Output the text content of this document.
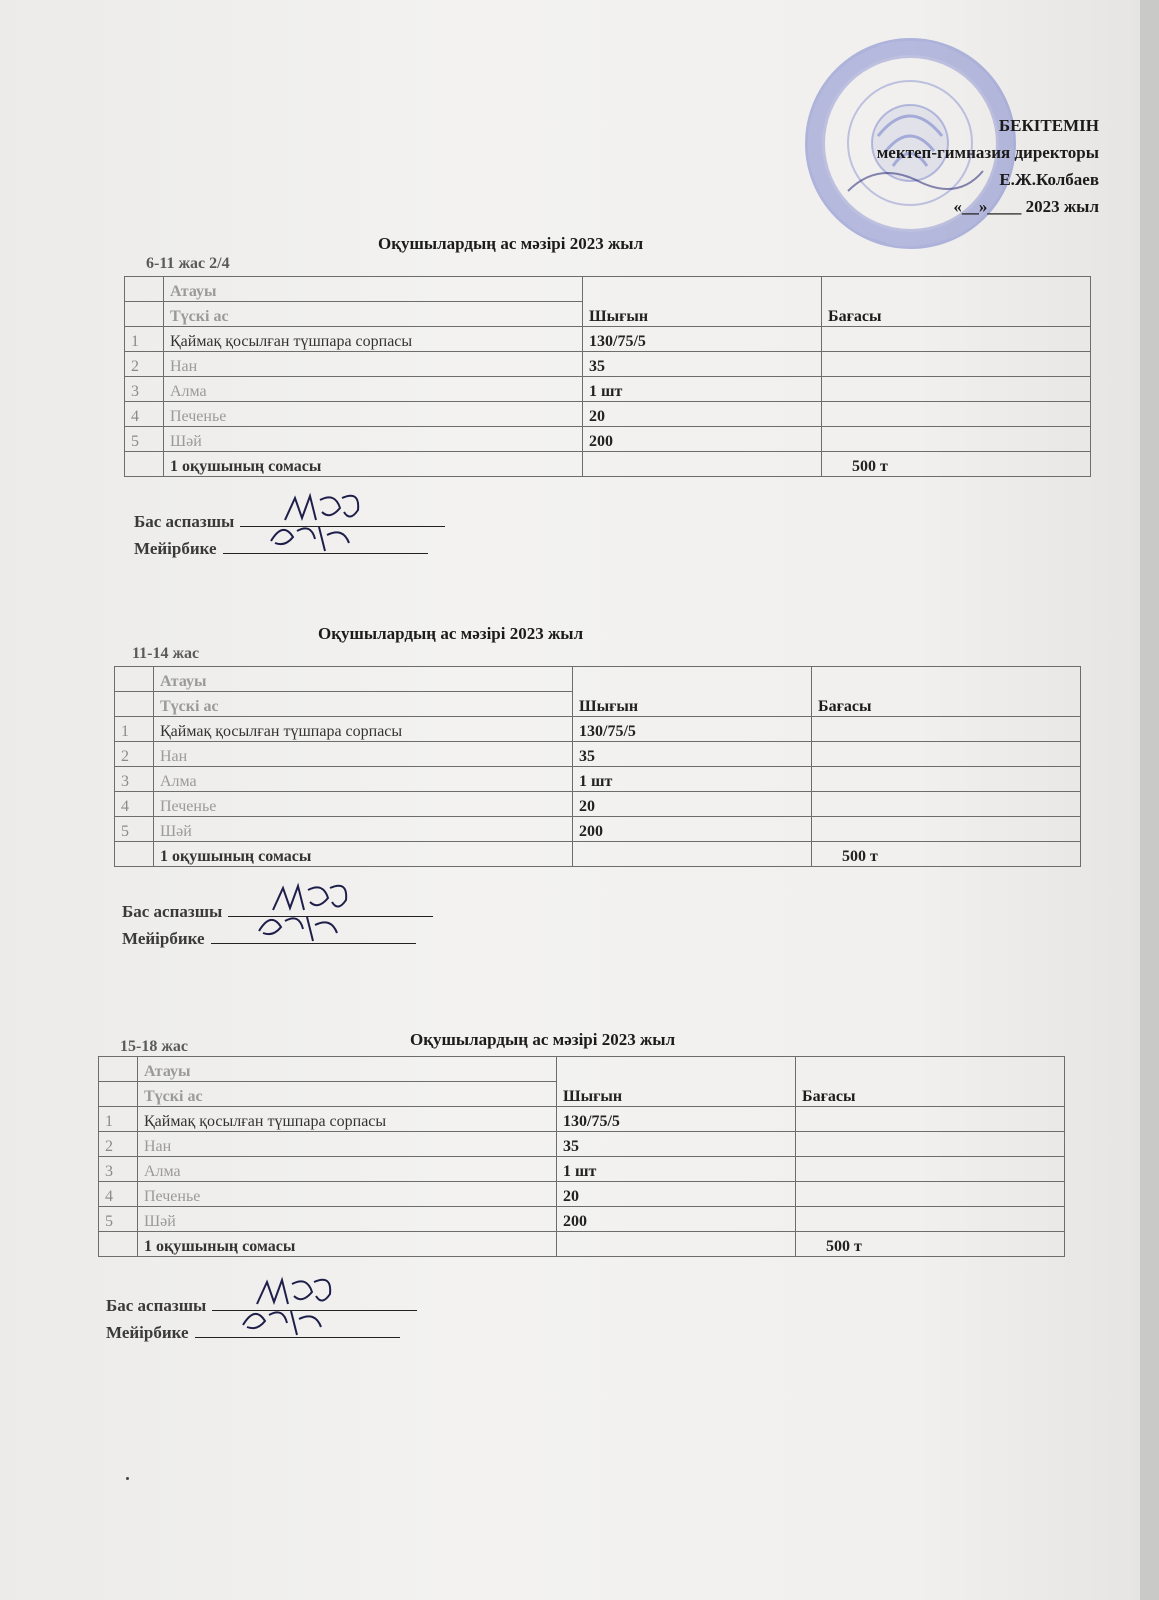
БЕКІТЕМІН
мектеп-гимназия директоры
Е.Ж.Колбаев
«__»____ 2023 жыл
Оқушылардың ас мәзірі 2023 жыл
6-11 жас 2/4
	Атауы	Шығын	Бағасы
	Түскі ас		
1	Қаймақ қосылған түшпара сорпасы	130/75/5	
2	Нан	35	
3	Алма	1 шт	
4	Печенье	20	
5	Шәй	200	
	1 оқушының сомасы		500 т
Бас аспазшы
Мейірбике
Оқушылардың ас мәзірі 2023 жыл
11-14 жас
	Атауы	Шығын	Бағасы
	Түскі ас		
1	Қаймақ қосылған түшпара сорпасы	130/75/5	
2	Нан	35	
3	Алма	1 шт	
4	Печенье	20	
5	Шәй	200	
	1 оқушының сомасы		500 т
Бас аспазшы
Мейірбике
Оқушылардың ас мәзірі 2023 жыл
15-18 жас
	Атауы	Шығын	Бағасы
	Түскі ас		
1	Қаймақ қосылған түшпара сорпасы	130/75/5	
2	Нан	35	
3	Алма	1 шт	
4	Печенье	20	
5	Шәй	200	
	1 оқушының сомасы		500 т
Бас аспазшы
Мейірбике
